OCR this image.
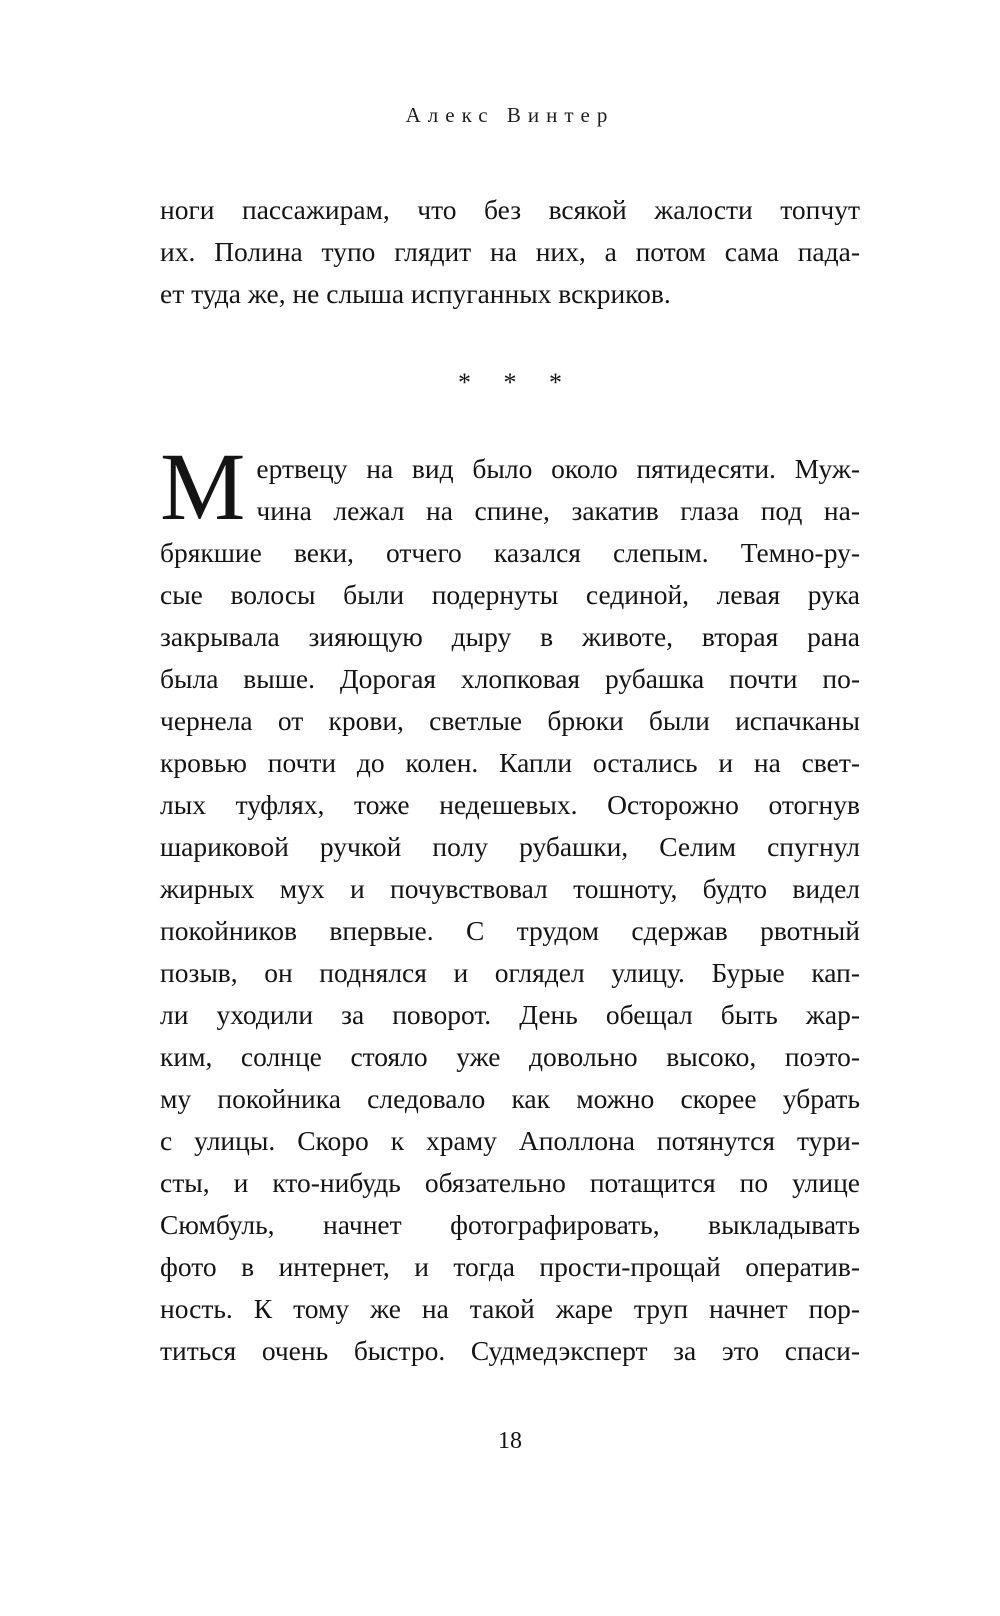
Алекс Винтер
ноги пассажирам, что без всякой жалости топчут
их. Полина тупо глядит на них, а потом сама пада-
ет туда же, не слыша испуганных вскриков.
* * *
М ертвецу на вид было около пятидесяти. Муж-
чина лежал на спине, закатив глаза под на-
брякшие веки, отчего казался слепым. Темно-ру-
сые волосы были подернуты сединой, левая рука
закрывала зияющую дыру в животе, вторая рана
была выше. Дорогая хлопковая рубашка почти по-
чернела от крови, светлые брюки были испачканы
кровью почти до колен. Капли остались и на свет-
лых туфлях, тоже недешевых. Осторожно отогнув
шариковой ручкой полу рубашки, Селим спугнул
жирных мух и почувствовал тошноту, будто видел
покойников впервые. С трудом сдержав рвотный
позыв, он поднялся и оглядел улицу. Бурые кап-
ли уходили за поворот. День обещал быть жар-
ким, солнце стояло уже довольно высоко, поэто-
му покойника следовало как можно скорее убрать
с улицы. Скоро к храму Аполлона потянутся тури-
сты, и кто-нибудь обязательно потащится по улице
Сюмбуль, начнет фотографировать, выкладывать
фото в интернет, и тогда прости-прощай оператив-
ность. К тому же на такой жаре труп начнет пор-
титься очень быстро. Судмедэксперт за это спаси-
18
